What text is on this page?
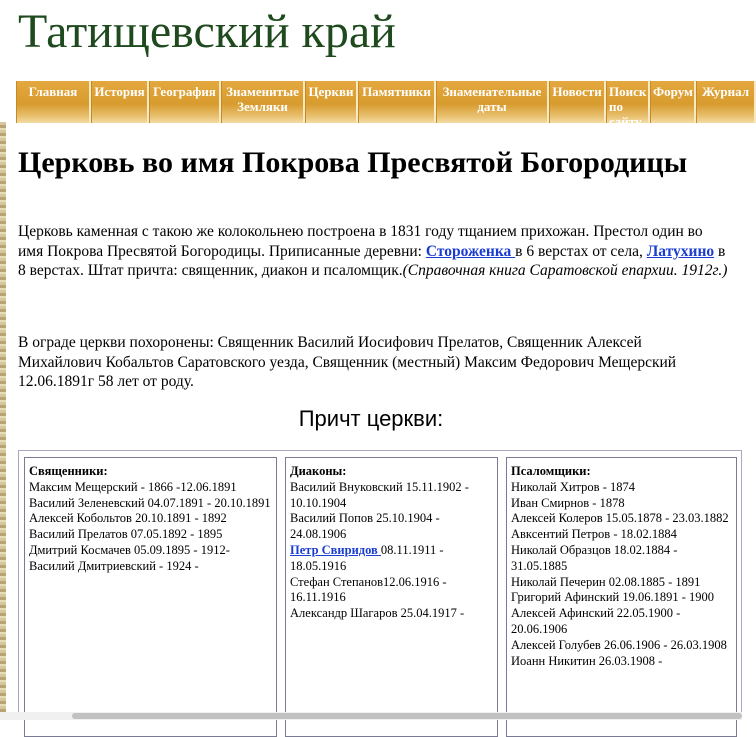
Татищевский край
Главная	История География Знаменитые Земляки
Церкви Памятники Знаменательные даты
Новости Поиск по сайту
Форум Журнал
Церковь во имя Покрова Пресвятой Богородицы

Церковь каменная с такою же колокольнею построена в 1831 году тщанием прихожан. Престол один во имя Покрова Пресвятой Богородицы. Приписанные деревни: Стороженка в 6 верстах от села, Латухино в 8 верстах. Штат причта: священник, диакон и псаломщик.(Справочная книга Саратовской епархии. 1912г.)

В ограде церкви похоронены: Священник Василий Иосифович Прелатов, Священник Алексей Михайлович Кобальтов Саратовского уезда, Священник (местный) Максим Федорович Мещерский 12.06.1891г 58 лет от роду.

Причт церкви:
Священники:
Максим Мещерский - 1866 -12.06.1891
Василий Зеленевский 04.07.1891 - 20.10.1891
Алексей Кобольтов 20.10.1891 - 1892
Василий Прелатов 07.05.1892 - 1895
Дмитрий Космачев 05.09.1895 - 1912-
Василий Дмитриевский - 1924 -
Диаконы:
Василий Внуковский 15.11.1902 - 10.10.1904
Василий Попов 25.10.1904 - 24.08.1906
Петр Свиридов 08.11.1911 - 18.05.1916
Стефан Степанов12.06.1916 - 16.11.1916
Александр Шагаров 25.04.1917 -
Псаломщики:
Николай Хитров - 1874
Иван Смирнов - 1878
Алексей Колеров 15.05.1878 - 23.03.1882
Авксентий Петров - 18.02.1884
Николай Образцов 18.02.1884 - 31.05.1885
Николай Печерин 02.08.1885 - 1891
Григорий Афинский 19.06.1891 - 1900
Алексей Афинский 22.05.1900 - 20.06.1906
Алексей Голубев 26.06.1906 - 26.03.1908
Иоанн Никитин 26.03.1908 -
